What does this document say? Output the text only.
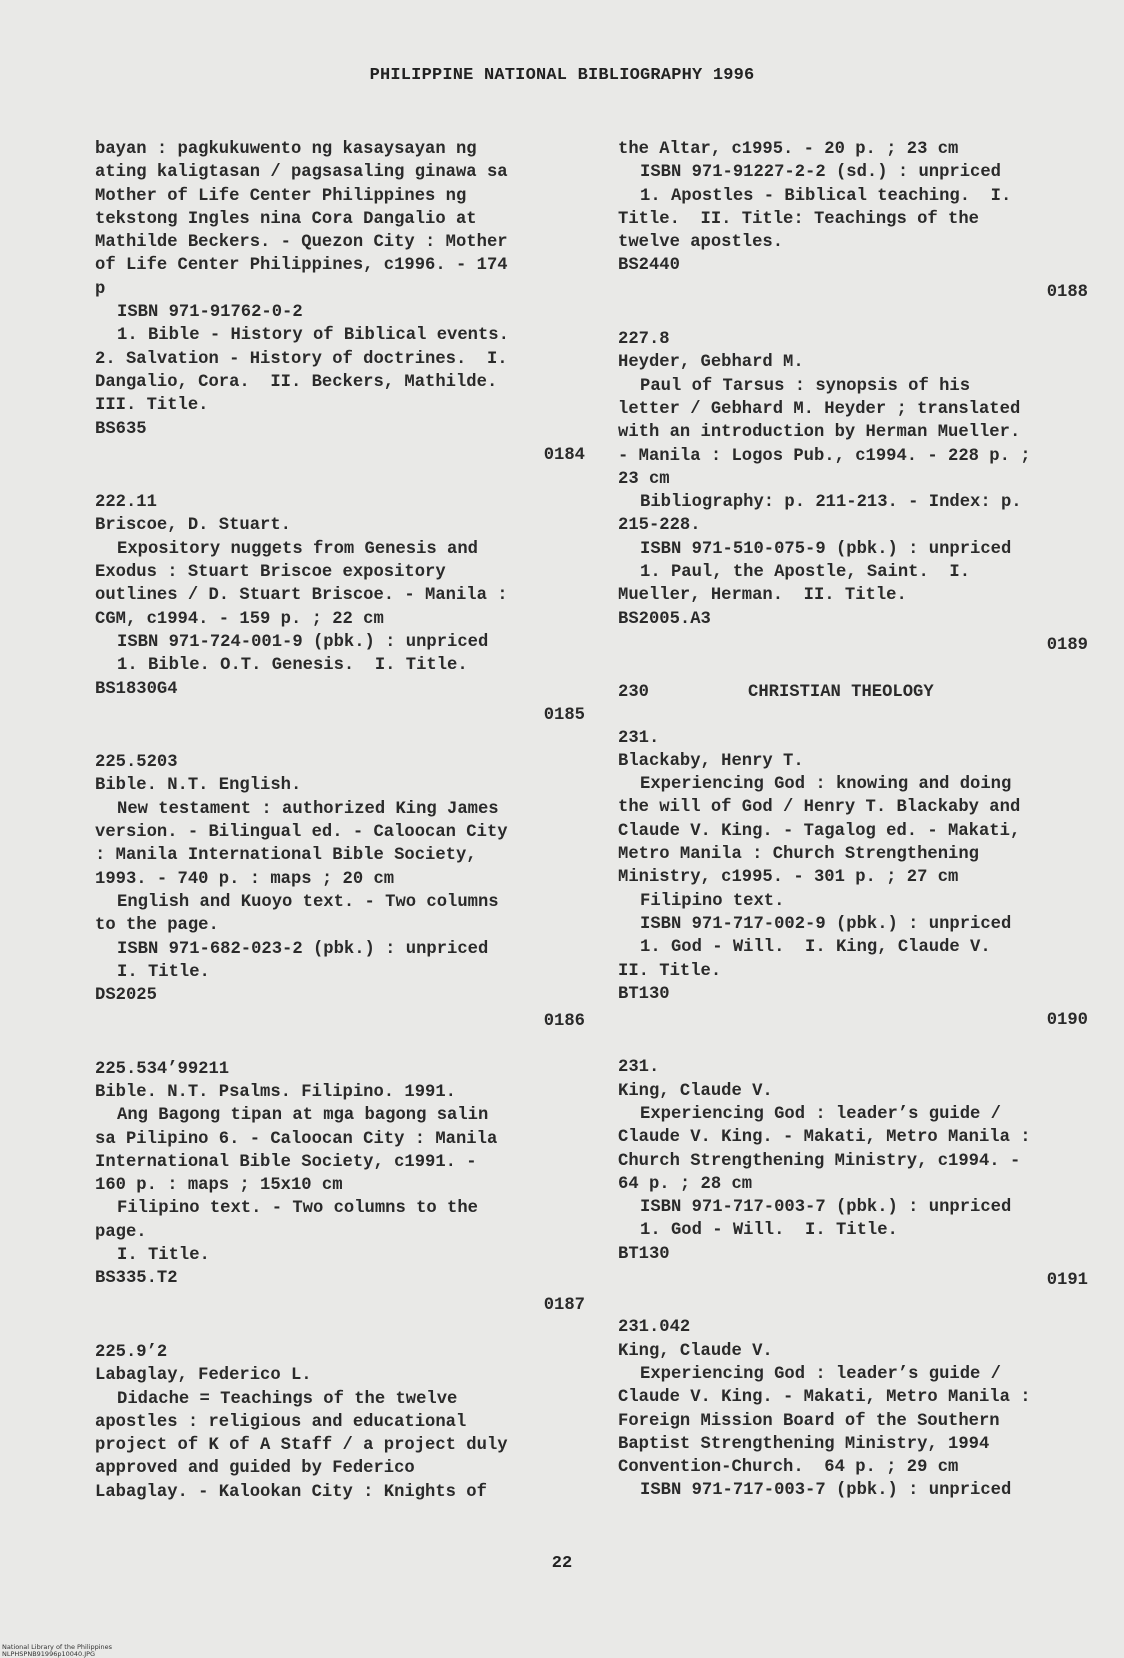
PHILIPPINE NATIONAL BIBLIOGRAPHY 1996
bayan : pagkukuwento ng kasaysayan ng
ating kaligtasan / pagsasaling ginawa sa
Mother of Life Center Philippines ng
tekstong Ingles nina Cora Dangalio at
Mathilde Beckers. - Quezon City : Mother
of Life Center Philippines, c1996. - 174
p
ISBN 971-91762-0-2
1. Bible - History of Biblical events.
2. Salvation - History of doctrines.  I.
Dangalio, Cora.  II. Beckers, Mathilde.
III. Title.
BS635
0184
222.11
Briscoe, D. Stuart.
Expository nuggets from Genesis and
Exodus : Stuart Briscoe expository
outlines / D. Stuart Briscoe. - Manila :
CGM, c1994. - 159 p. ; 22 cm
ISBN 971-724-001-9 (pbk.) : unpriced
1. Bible. O.T. Genesis.  I. Title.
BS1830G4
0185
225.5203
Bible. N.T. English.
New testament : authorized King James
version. - Bilingual ed. - Caloocan City
: Manila International Bible Society,
1993. - 740 p. : maps ; 20 cm
English and Kuoyo text. - Two columns
to the page.
ISBN 971-682-023-2 (pbk.) : unpriced
I. Title.
DS2025
0186
225.534’99211
Bible. N.T. Psalms. Filipino. 1991.
Ang Bagong tipan at mga bagong salin
sa Pilipino 6. - Caloocan City : Manila
International Bible Society, c1991. -
160 p. : maps ; 15x10 cm
Filipino text. - Two columns to the
page.
I. Title.
BS335.T2
0187
225.9’2
Labaglay, Federico L.
Didache = Teachings of the twelve
apostles : religious and educational
project of K of A Staff / a project duly
approved and guided by Federico
Labaglay. - Kalookan City : Knights of
the Altar, c1995. - 20 p. ; 23 cm
ISBN 971-91227-2-2 (sd.) : unpriced
1. Apostles - Biblical teaching.  I.
Title.  II. Title: Teachings of the
twelve apostles.
BS2440
0188
227.8
Heyder, Gebhard M.
Paul of Tarsus : synopsis of his
letter / Gebhard M. Heyder ; translated
with an introduction by Herman Mueller.
- Manila : Logos Pub., c1994. - 228 p. ;
23 cm
Bibliography: p. 211-213. - Index: p.
215-228.
ISBN 971-510-075-9 (pbk.) : unpriced
1. Paul, the Apostle, Saint.  I.
Mueller, Herman.  II. Title.
BS2005.A3
0189
230	CHRISTIAN THEOLOGY
231.
Blackaby, Henry T.
Experiencing God : knowing and doing
the will of God / Henry T. Blackaby and
Claude V. King. - Tagalog ed. - Makati,
Metro Manila : Church Strengthening
Ministry, c1995. - 301 p. ; 27 cm
Filipino text.
ISBN 971-717-002-9 (pbk.) : unpriced
1. God - Will.  I. King, Claude V.
II. Title.
BT130
0190
231.
King, Claude V.
Experiencing God : leader’s guide /
Claude V. King. - Makati, Metro Manila :
Church Strengthening Ministry, c1994. -
64 p. ; 28 cm
ISBN 971-717-003-7 (pbk.) : unpriced
1. God - Will.  I. Title.
BT130
0191
231.042
King, Claude V.
Experiencing God : leader’s guide /
Claude V. King. - Makati, Metro Manila :
Foreign Mission Board of the Southern
Baptist Strengthening Ministry, 1994
Convention-Church.  64 p. ; 29 cm
ISBN 971-717-003-7 (pbk.) : unpriced
22
National Library of the Philippines
NLPHSPNB91996p10040.JPG
